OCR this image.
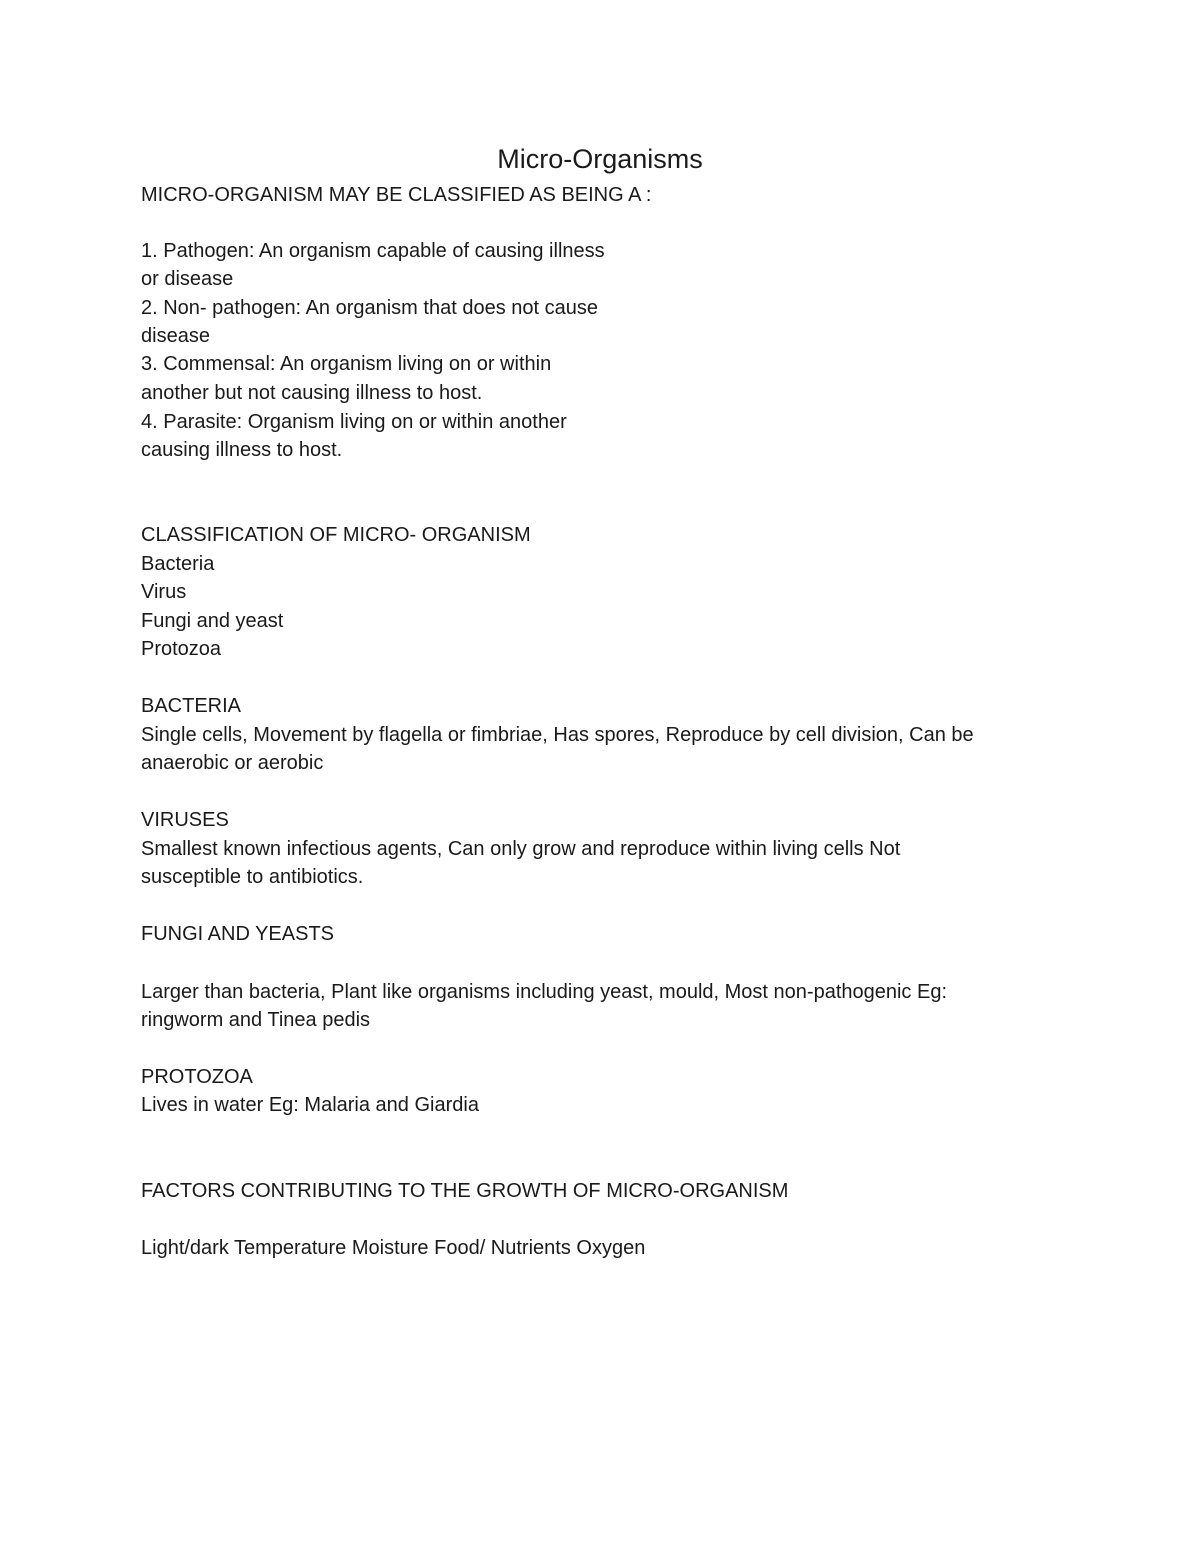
Micro-Organisms
MICRO-ORGANISM MAY BE CLASSIFIED AS BEING A :
1. Pathogen: An organism capable of causing illness
or disease
2. Non- pathogen: An organism that does not cause
disease
3. Commensal: An organism living on or within
another but not causing illness to host.
4. Parasite: Organism living on or within another
causing illness to host.
CLASSIFICATION OF MICRO- ORGANISM
Bacteria
Virus
Fungi and yeast
Protozoa
BACTERIA
Single cells, Movement by flagella or fimbriae, Has spores, Reproduce by cell division, Can be
anaerobic or aerobic
VIRUSES
Smallest known infectious agents, Can only grow and reproduce within living cells Not
susceptible to antibiotics.
FUNGI AND YEASTS
Larger than bacteria, Plant like organisms including yeast, mould, Most non-pathogenic Eg:
ringworm and Tinea pedis
PROTOZOA
Lives in water Eg: Malaria and Giardia
FACTORS CONTRIBUTING TO THE GROWTH OF MICRO-ORGANISM
Light/dark Temperature Moisture Food/ Nutrients Oxygen
